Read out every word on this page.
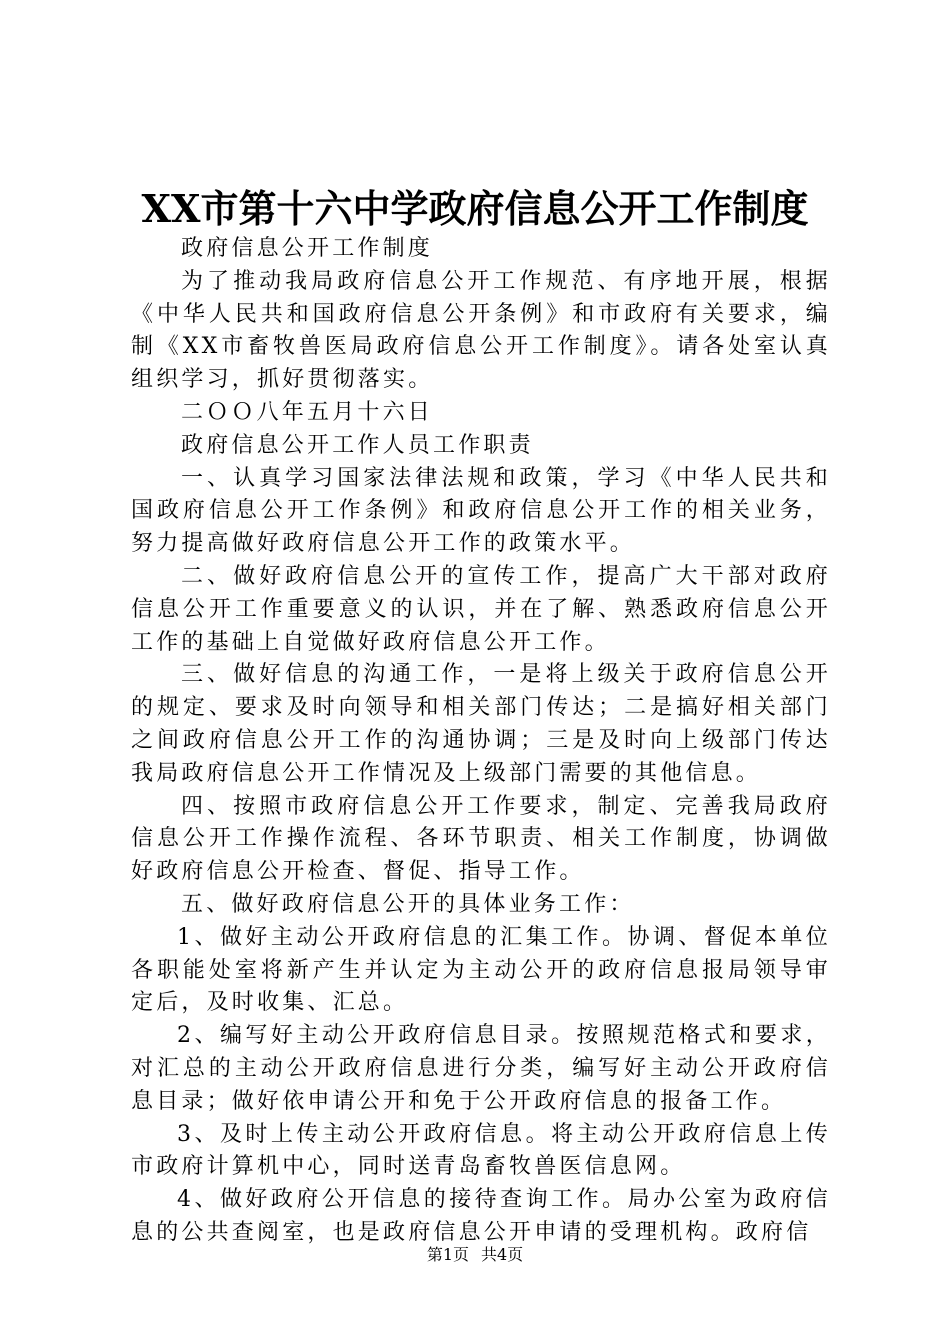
XX市第十六中学政府信息公开工作制度

政府信息公开工作制度

为了推动我局政府信息公开工作规范、有序地开展，根据《中华人民共和国政府信息公开条例》和市政府有关要求，编制《XX市畜牧兽医局政府信息公开工作制度》。请各处室认真组织学习，抓好贯彻落实。

二ＯＯ八年五月十六日

政府信息公开工作人员工作职责

一、认真学习国家法律法规和政策，学习《中华人民共和国政府信息公开工作条例》和政府信息公开工作的相关业务，努力提高做好政府信息公开工作的政策水平。

二、做好政府信息公开的宣传工作，提高广大干部对政府信息公开工作重要意义的认识，并在了解、熟悉政府信息公开工作的基础上自觉做好政府信息公开工作。

三、做好信息的沟通工作，一是将上级关于政府信息公开的规定、要求及时向领导和相关部门传达；二是搞好相关部门之间政府信息公开工作的沟通协调；三是及时向上级部门传达我局政府信息公开工作情况及上级部门需要的其他信息。

四、按照市政府信息公开工作要求，制定、完善我局政府信息公开工作操作流程、各环节职责、相关工作制度，协调做好政府信息公开检查、督促、指导工作。

五、做好政府信息公开的具体业务工作：

1、做好主动公开政府信息的汇集工作。协调、督促本单位各职能处室将新产生并认定为主动公开的政府信息报局领导审定后，及时收集、汇总。

2、编写好主动公开政府信息目录。按照规范格式和要求，对汇总的主动公开政府信息进行分类，编写好主动公开政府信息目录；做好依申请公开和免于公开政府信息的报备工作。

3、及时上传主动公开政府信息。将主动公开政府信息上传市政府计算机中心，同时送青岛畜牧兽医信息网。

4、做好政府公开信息的接待查询工作。局办公室为政府信息的公共查阅室，也是政府信息公开申请的受理机构。政府信

第1页 共4页
